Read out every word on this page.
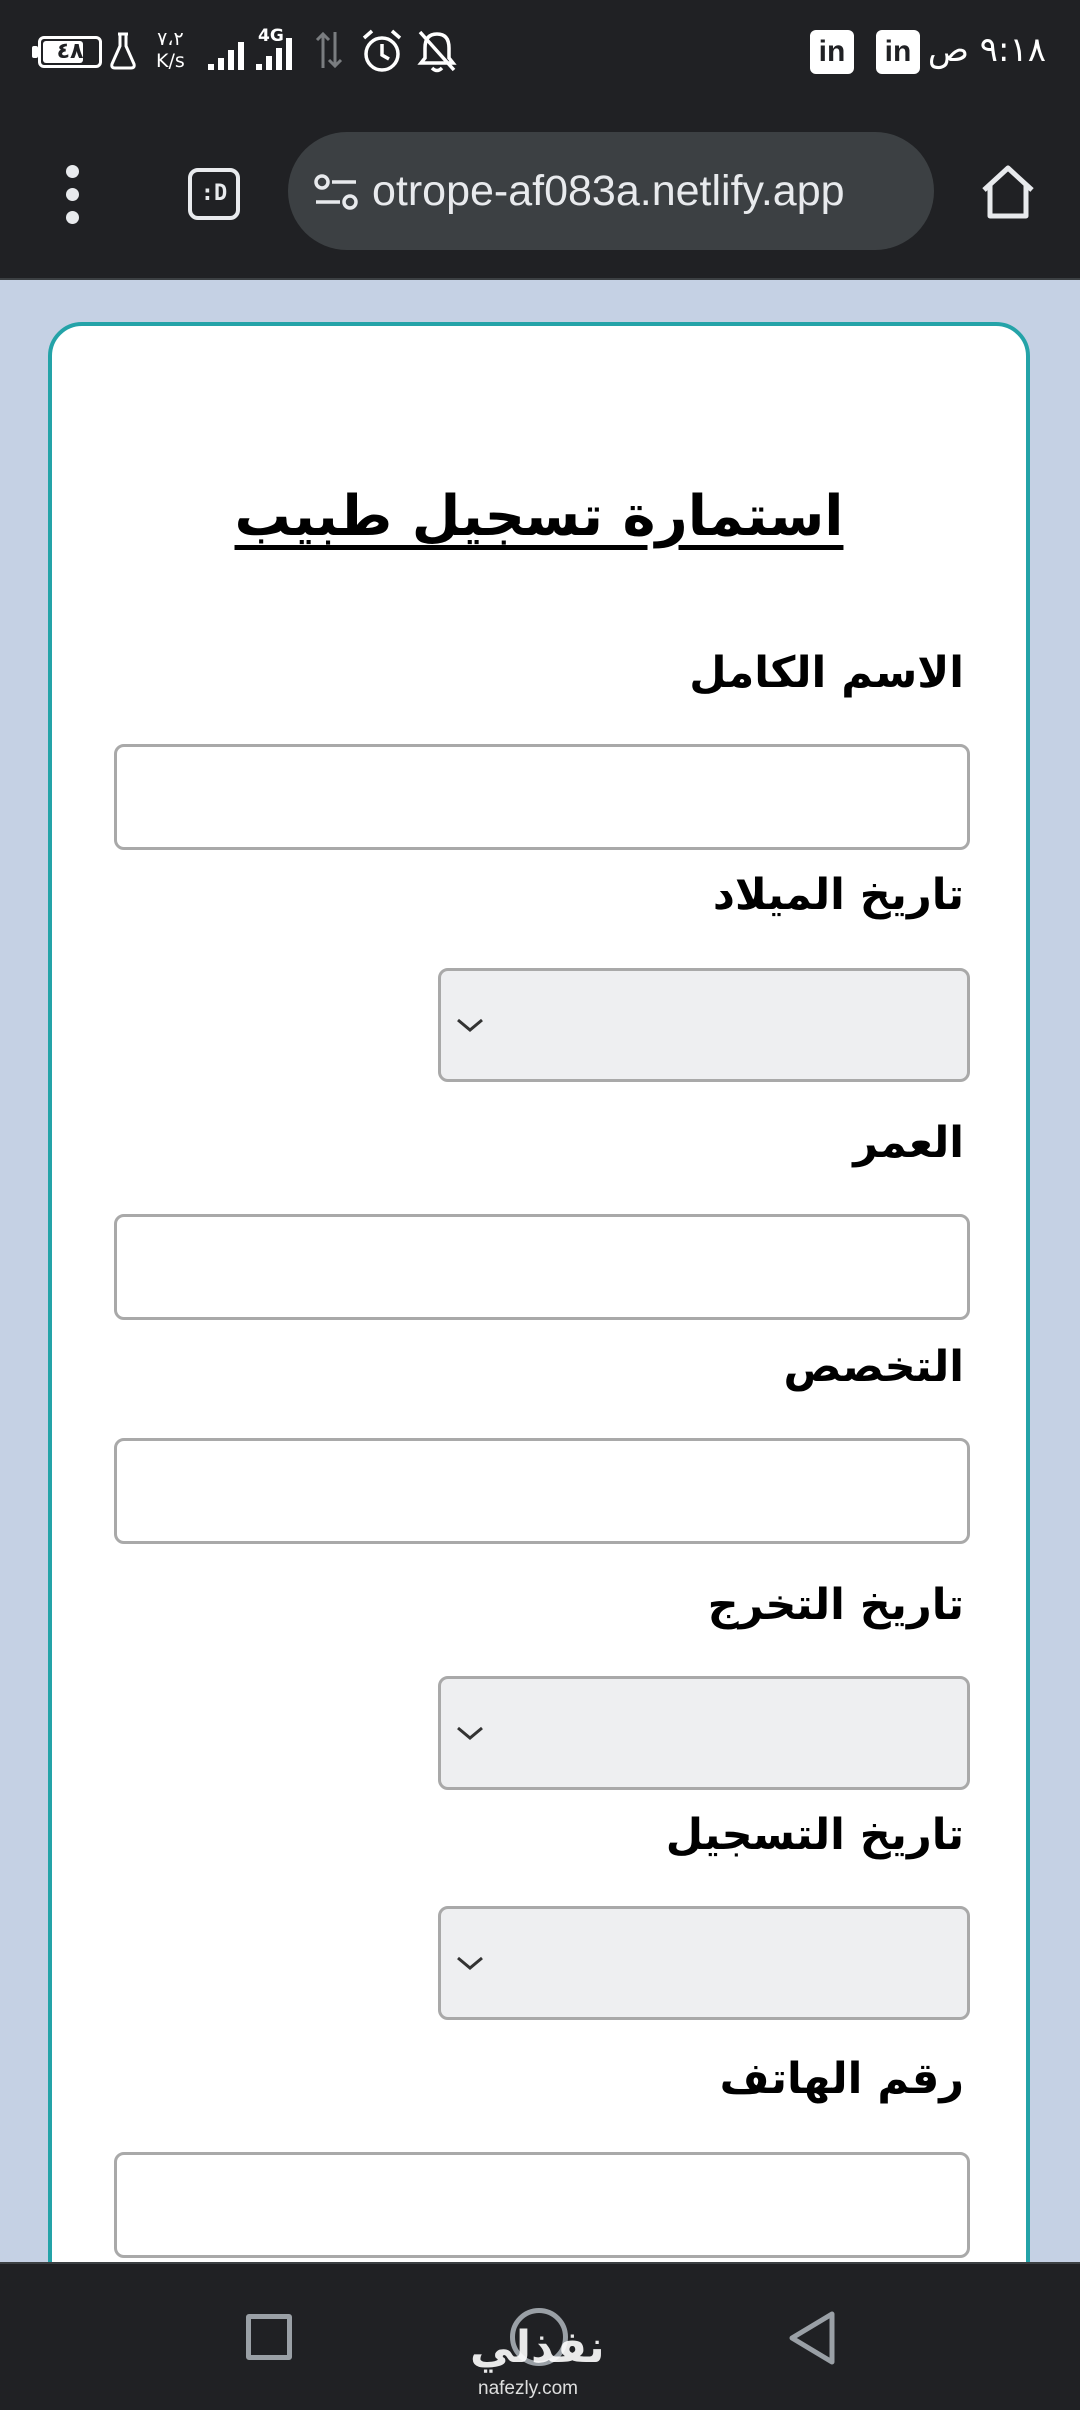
٩:١٨ ص
in in
٤٨	٧،٢
K/s
4G
:D	otrope-af083a.netlify.app
استمارة تسجيل طبيب
الاسم الكامل
تاريخ الميلاد
العمر
التخصص
تاريخ التخرج
تاريخ التسجيل
رقم الهاتف
نفذلي
nafezly.com
